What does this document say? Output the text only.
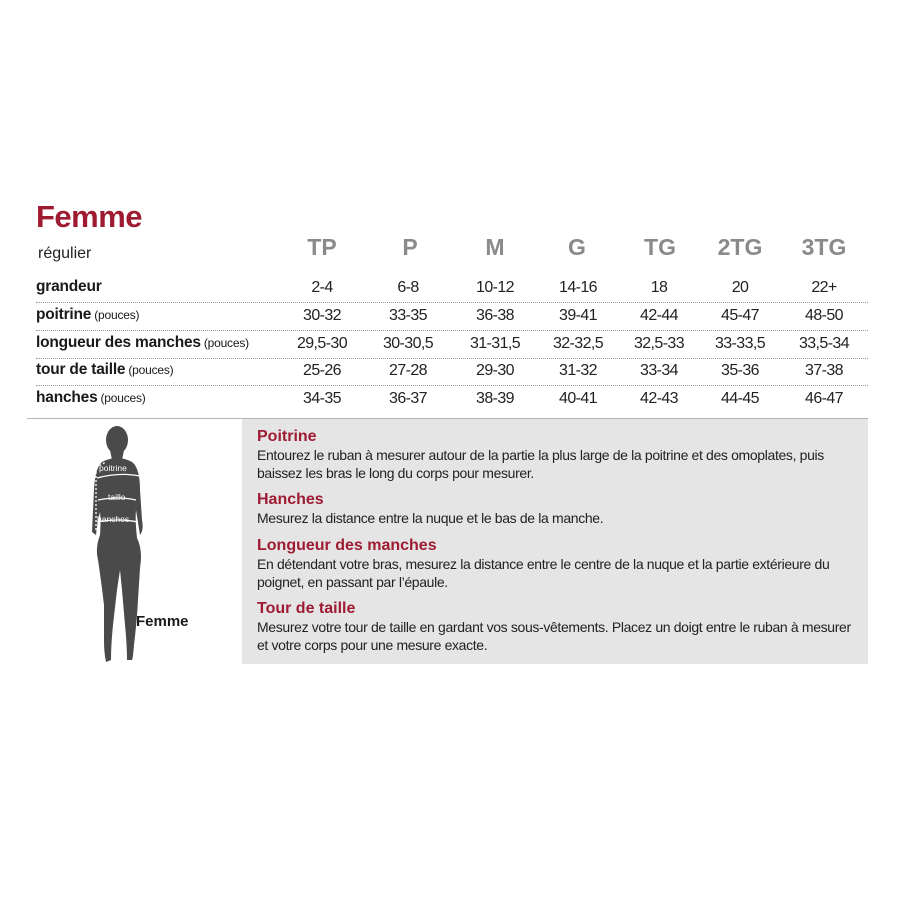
Femme
régulier	TP	P	M	G	TG	2TG	3TG
grandeur	2-4	6-8	10-12	14-16	18	20	22+
poitrine (pouces)	30-32	33-35	36-38	39-41	42-44	45-47	48-50
longueur des manches (pouces)	29,5-30	30-30,5	31-31,5	32-32,5	32,5-33	33-33,5	33,5-34
tour de taille (pouces)	25-26	27-28	29-30	31-32	33-34	35-36	37-38
hanches (pouces)	34-35	36-37	38-39	40-41	42-43	44-45	46-47
poitrine
taille
hanches
Femme
Poitrine
Entourez le ruban à mesurer autour de la partie la plus large de la poitrine et des omoplates, puis baissez les bras le long du corps pour mesurer.
Hanches
Mesurez la distance entre la nuque et le bas de la manche.
Longueur des manches
En détendant votre bras, mesurez la distance entre le centre de la nuque et la partie extérieure du poignet, en passant par l’épaule.
Tour de taille
Mesurez votre tour de taille en gardant vos sous-vêtements. Placez un doigt entre le ruban à mesurer et votre corps pour une mesure exacte.
